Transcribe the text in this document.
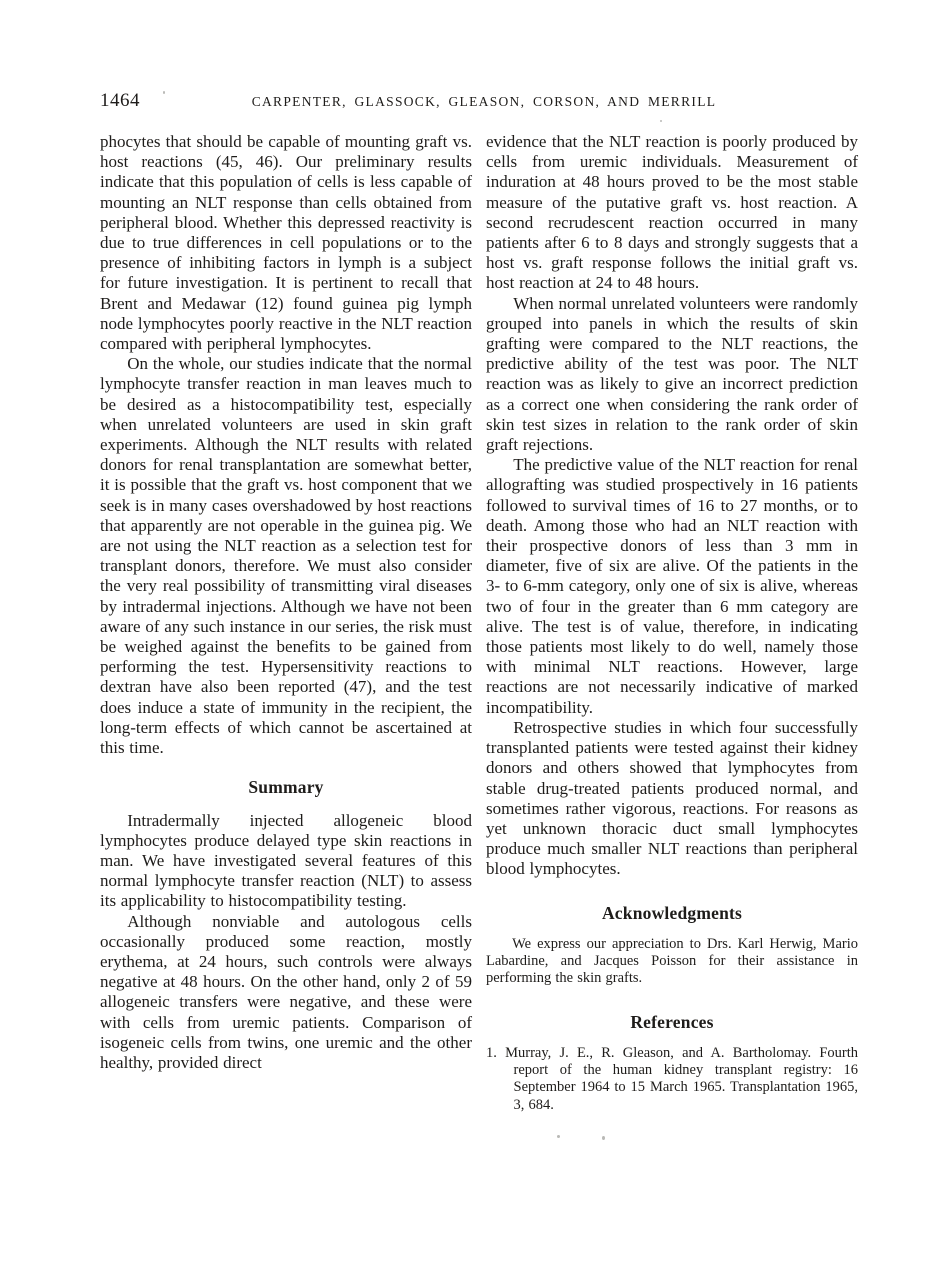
1464	CARPENTER, GLASSOCK, GLEASON, CORSON, AND MERRILL

phocytes that should be capable of mounting graft vs. host reactions (45, 46). Our preliminary results indicate that this population of cells is less capable of mounting an NLT response than cells obtained from peripheral blood. Whether this depressed reactivity is due to true differences in cell populations or to the presence of inhibiting factors in lymph is a subject for future investigation. It is pertinent to recall that Brent and Medawar (12) found guinea pig lymph node lymphocytes poorly reactive in the NLT reaction compared with peripheral lymphocytes.

On the whole, our studies indicate that the normal lymphocyte transfer reaction in man leaves much to be desired as a histocompatibility test, especially when unrelated volunteers are used in skin graft experiments. Although the NLT results with related donors for renal transplantation are somewhat better, it is possible that the graft vs. host component that we seek is in many cases overshadowed by host reactions that apparently are not operable in the guinea pig. We are not using the NLT reaction as a selection test for transplant donors, therefore. We must also consider the very real possibility of transmitting viral diseases by intradermal injections. Although we have not been aware of any such instance in our series, the risk must be weighed against the benefits to be gained from performing the test. Hypersensitivity reactions to dextran have also been reported (47), and the test does induce a state of immunity in the recipient, the long-term effects of which cannot be ascertained at this time.

Summary

Intradermally injected allogeneic blood lymphocytes produce delayed type skin reactions in man. We have investigated several features of this normal lymphocyte transfer reaction (NLT) to assess its applicability to histocompatibility testing.

Although nonviable and autologous cells occasionally produced some reaction, mostly erythema, at 24 hours, such controls were always negative at 48 hours. On the other hand, only 2 of 59 allogeneic transfers were negative, and these were with cells from uremic patients. Comparison of isogeneic cells from twins, one uremic and the other healthy, provided direct

evidence that the NLT reaction is poorly produced by cells from uremic individuals. Measurement of induration at 48 hours proved to be the most stable measure of the putative graft vs. host reaction. A second recrudescent reaction occurred in many patients after 6 to 8 days and strongly suggests that a host vs. graft response follows the initial graft vs. host reaction at 24 to 48 hours.

When normal unrelated volunteers were randomly grouped into panels in which the results of skin grafting were compared to the NLT reactions, the predictive ability of the test was poor. The NLT reaction was as likely to give an incorrect prediction as a correct one when considering the rank order of skin test sizes in relation to the rank order of skin graft rejections.

The predictive value of the NLT reaction for renal allografting was studied prospectively in 16 patients followed to survival times of 16 to 27 months, or to death. Among those who had an NLT reaction with their prospective donors of less than 3 mm in diameter, five of six are alive. Of the patients in the 3- to 6-mm category, only one of six is alive, whereas two of four in the greater than 6 mm category are alive. The test is of value, therefore, in indicating those patients most likely to do well, namely those with minimal NLT reactions. However, large reactions are not necessarily indicative of marked incompatibility.

Retrospective studies in which four successfully transplanted patients were tested against their kidney donors and others showed that lymphocytes from stable drug-treated patients produced normal, and sometimes rather vigorous, reactions. For reasons as yet unknown thoracic duct small lymphocytes produce much smaller NLT reactions than peripheral blood lymphocytes.

Acknowledgments

We express our appreciation to Drs. Karl Herwig, Mario Labardine, and Jacques Poisson for their assistance in performing the skin grafts.

References

1. Murray, J. E., R. Gleason, and A. Bartholomay. Fourth report of the human kidney transplant registry: 16 September 1964 to 15 March 1965. Transplantation 1965, 3, 684.
